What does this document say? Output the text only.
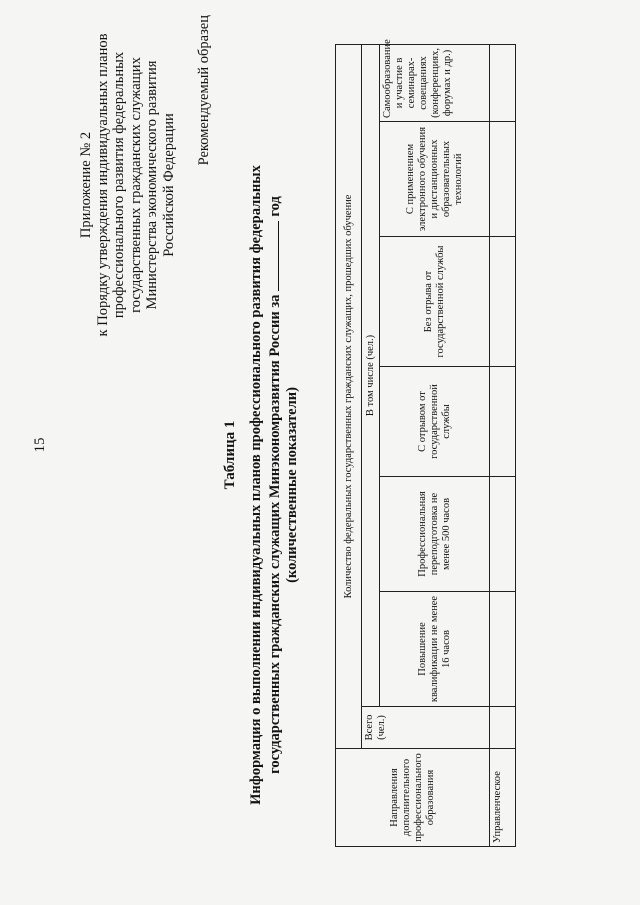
15
Приложение № 2 к Порядку утверждения индивидуальных планов профессионального развития федеральных государственных гражданских служащих Министерства экономического развития Российской Федерации
Рекомендуемый образец
Таблица 1 Информация о выполнении индивидуальных планов профессионального развития федеральных государственных гражданских служащих Минэкономразвития России загод
(количественные показатели)
Направления дополнительного профессионального образования	Количество федеральных государственных гражданских служащих, прошедших обучение						
	Всего (чел.)	В том числе (чел.)					
		Повышение квалификации не менее 16 часов	Профессиональная переподготовка не менее 500 часов	С отрывом от государственной службы	Без отрыва от государственной службы	С применением электронного обучения и дистанционных образовательных технологий	Самообразование и участие в семинарах-совещаниях (конференциях, форумах и др.)
Управленческое							
